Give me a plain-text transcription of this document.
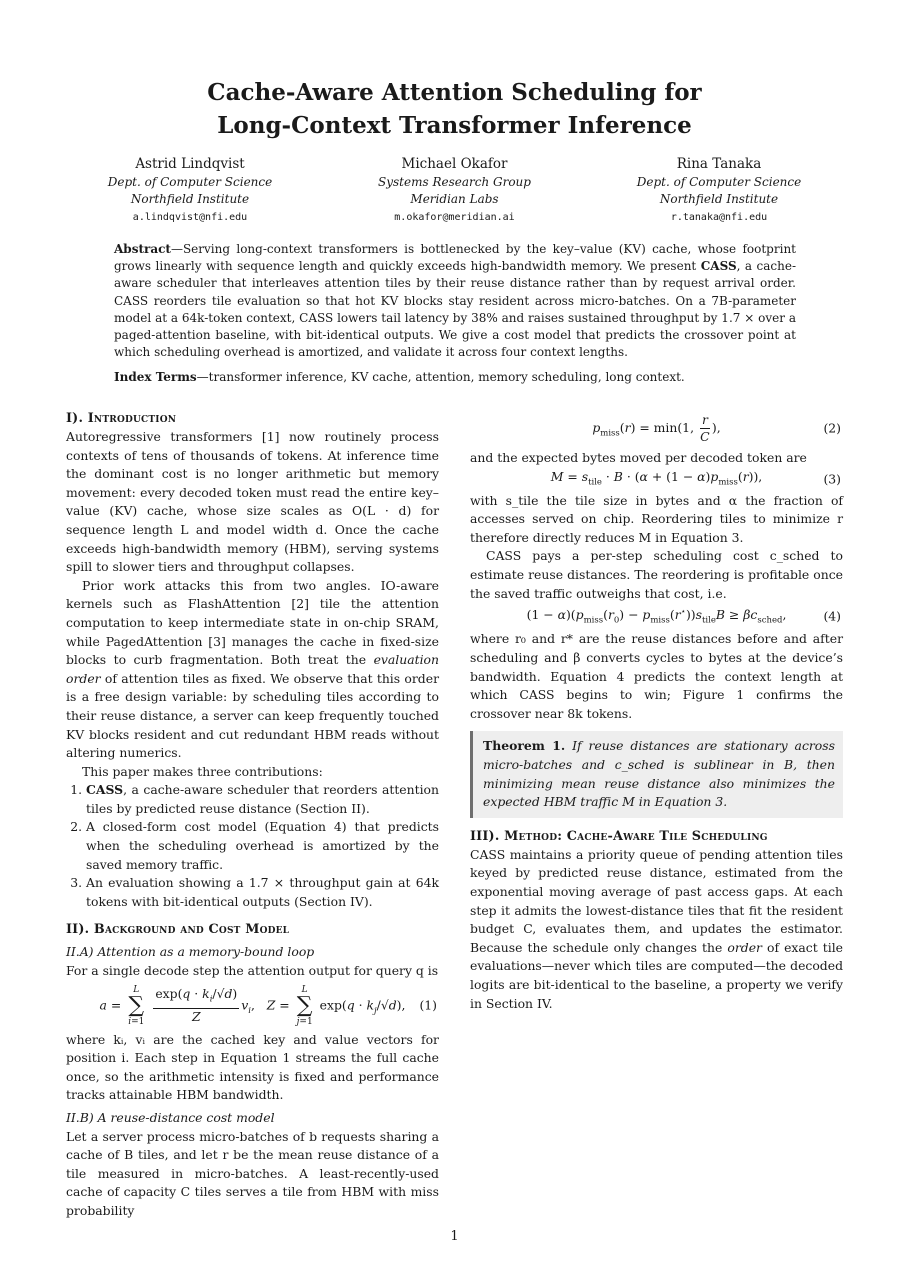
Cache-Aware Attention Scheduling for
Long-Context Transformer Inference
Astrid Lindqvist
Dept. of Computer Science
Northfield Institute
a.lindqvist@nfi.edu
Michael Okafor
Systems Research Group
Meridian Labs
m.okafor@meridian.ai
Rina Tanaka
Dept. of Computer Science
Northfield Institute
r.tanaka@nfi.edu

Abstract—Serving long-context transformers is bottlenecked by the key–value (KV) cache, whose footprint grows linearly with sequence length and quickly exceeds high-bandwidth memory. We present CASS, a cache-aware scheduler that interleaves attention tiles by their reuse distance rather than by request arrival order. CASS reorders tile evaluation so that hot KV blocks stay resident across micro-batches. On a 7B-parameter model at a 64k-token context, CASS lowers tail latency by 38% and raises sustained throughput by 1.7 × over a paged-attention baseline, with bit-identical outputs. We give a cost model that predicts the crossover point at which scheduling overhead is amortized, and validate it across four context lengths.

Index Terms—transformer inference, KV cache, attention, memory scheduling, long context.

I). Introduction

Autoregressive transformers [1] now routinely process contexts of tens of thousands of tokens. At inference time the dominant cost is no longer arithmetic but memory movement: every decoded token must read the entire key–value (KV) cache, whose size scales as O(L · d) for sequence length L and model width d. Once the cache exceeds high-bandwidth memory (HBM), serving systems spill to slower tiers and throughput collapses.

Prior work attacks this from two angles. IO-aware kernels such as FlashAttention [2] tile the attention computation to keep intermediate state in on-chip SRAM, while PagedAttention [3] manages the cache in fixed-size blocks to curb fragmentation. Both treat the evaluation order of attention tiles as fixed. We observe that this order is a free design variable: by scheduling tiles according to their reuse distance, a server can keep frequently touched KV blocks resident and cut redundant HBM reads without altering numerics.

This paper makes three contributions:

1. CASS, a cache-aware scheduler that reorders attention tiles by predicted reuse distance (Section II).
2. A closed-form cost model (Equation 4) that predicts when the scheduling overhead is amortized by the saved memory traffic.
3. An evaluation showing a 1.7 × throughput gain at 64k tokens with bit-identical outputs (Section IV).
II). Background and Cost Model
II.A) Attention as a memory-bound loop

For a single decode step the attention output for query q is

a =
L
∑
i=1
$\frac{\exp(q \cdot k_i/√d)}{Z} v_i$,   Z =
L
∑
j=1
$\exp(q \cdot k_j/√d)$, (1)

where kᵢ, vᵢ are the cached key and value vectors for position i. Each step in Equation 1 streams the full cache once, so the arithmetic intensity is fixed and performance tracks attainable HBM bandwidth.

II.B) A reuse-distance cost model

Let a server process micro-batches of b requests sharing a cache of B tiles, and let r be the mean reuse distance of a tile measured in micro-batches. A least-recently-used cache of capacity C tiles serves a tile from HBM with miss probability

$p_{miss}(r) = \min(1$, $\frac{r}{C}$ ),	(2)

and the expected bytes moved per decoded token are

$M = s_{tile} \cdot B \cdot (\alpha + (1 - \alpha)p_{miss}(r))$,	(3)

with s_tile the tile size in bytes and α the fraction of accesses served on chip. Reordering tiles to minimize r therefore directly reduces M in Equation 3.

CASS pays a per-step scheduling cost c_sched to estimate reuse distances. The reordering is profitable once the saved traffic outweighs that cost, i.e.

$(1 - \alpha)(p_{miss}(r_0) - p_{miss}(r^⋆))s_{tile}B \ge \beta c_{sched}$,	(4)

where r₀ and r* are the reuse distances before and after scheduling and β converts cycles to bytes at the device’s bandwidth. Equation 4 predicts the context length at which CASS begins to win; Figure 1 confirms the crossover near 8k tokens.

Theorem 1. If reuse distances are stationary across micro-batches and c_sched is sublinear in B, then minimizing mean reuse distance also minimizes the expected HBM traffic M in Equation 3.
III). Method: Cache-Aware Tile Scheduling

CASS maintains a priority queue of pending attention tiles keyed by predicted reuse distance, estimated from the exponential moving average of past access gaps. At each step it admits the lowest-distance tiles that fit the resident budget C, evaluates them, and updates the estimator. Because the schedule only changes the order of exact tile evaluations—never which tiles are computed—the decoded logits are bit-identical to the baseline, a property we verify in Section IV.

1
